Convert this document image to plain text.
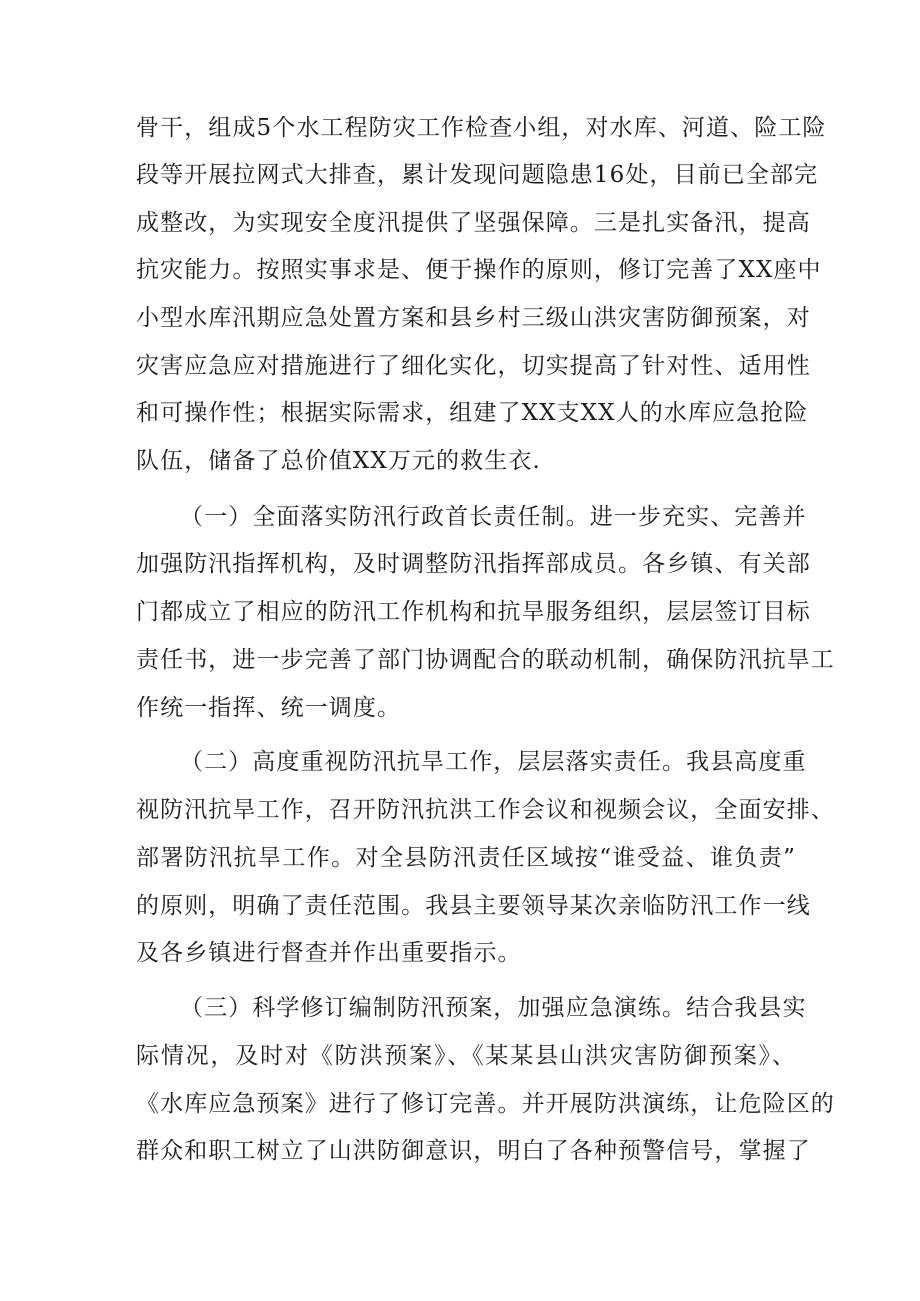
骨干，组成5个水工程防灾工作检查小组，对水库、河道、险工险
段等开展拉网式大排查，累计发现问题隐患16处，目前已全部完
成整改，为实现安全度汛提供了坚强保障。三是扎实备汛，提高
抗灾能力。按照实事求是、便于操作的原则，修订完善了XX座中
小型水库汛期应急处置方案和县乡村三级山洪灾害防御预案，对
灾害应急应对措施进行了细化实化，切实提高了针对性、适用性
和可操作性；根据实际需求，组建了XX支XX人的水库应急抢险
队伍，储备了总价值XX万元的救生衣.
（一）全面落实防汛行政首长责任制。进一步充实、完善并
加强防汛指挥机构，及时调整防汛指挥部成员。各乡镇、有关部
门都成立了相应的防汛工作机构和抗旱服务组织，层层签订目标
责任书，进一步完善了部门协调配合的联动机制，确保防汛抗旱工
作统一指挥、统一调度。
（二）高度重视防汛抗旱工作，层层落实责任。我县高度重
视防汛抗旱工作，召开防汛抗洪工作会议和视频会议，全面安排、
部署防汛抗旱工作。对全县防汛责任区域按“谁受益、谁负责”
的原则，明确了责任范围。我县主要领导某次亲临防汛工作一线
及各乡镇进行督查并作出重要指示。
（三）科学修订编制防汛预案，加强应急演练。结合我县实
际情况，及时对《防洪预案》、《某某县山洪灾害防御预案》、
《水库应急预案》进行了修订完善。并开展防洪演练，让危险区的
群众和职工树立了山洪防御意识，明白了各种预警信号，掌握了
